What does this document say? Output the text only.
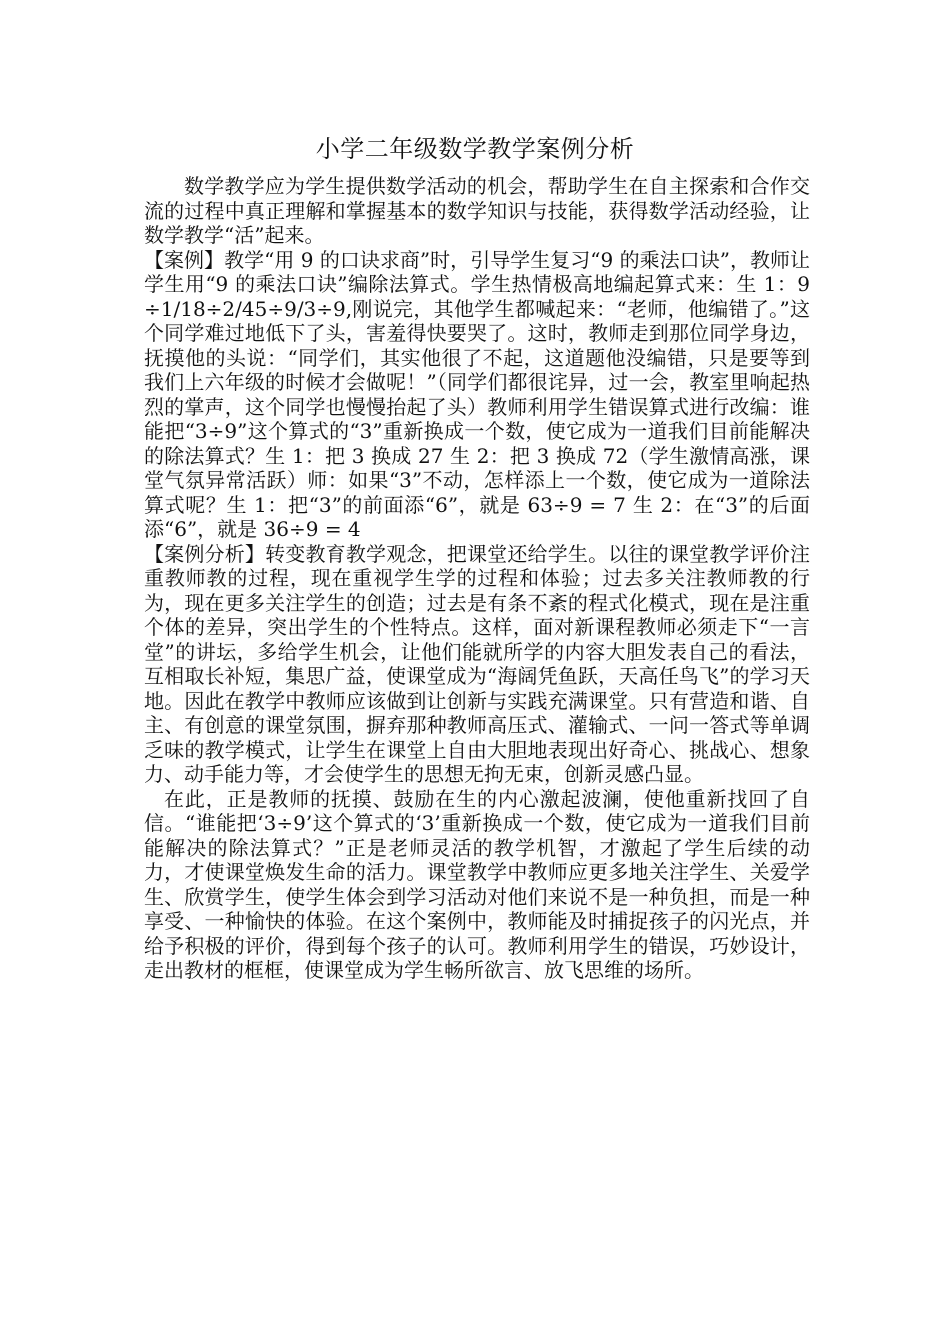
小学二年级数学教学案例分析

数学教学应为学生提供数学活动的机会，帮助学生在自主探索和合作交流的过程中真正理解和掌握基本的数学知识与技能，获得数学活动经验，让数学教学“活”起来。

【案例】教学“用 9 的口诀求商”时，引导学生复习“9 的乘法口诀”，教师让学生用“9 的乘法口诀”编除法算式。学生热情极高地编起算式来：生 1：9÷1/18÷2/45÷9/3÷9,刚说完，其他学生都喊起来：“老师，他编错了。”这个同学难过地低下了头，害羞得快要哭了。这时，教师走到那位同学身边，抚摸他的头说：“同学们，其实他很了不起，这道题他没编错，只是要等到我们上六年级的时候才会做呢！”（同学们都很诧异，过一会，教室里响起热烈的掌声，这个同学也慢慢抬起了头）教师利用学生错误算式进行改编：谁能把“3÷9”这个算式的“3”重新换成一个数，使它成为一道我们目前能解决的除法算式？生 1：把 3 换成 27 生 2：把 3 换成 72（学生激情高涨，课堂气氛异常活跃）师：如果“3”不动，怎样添上一个数，使它成为一道除法算式呢？生 1：把“3”的前面添“6”，就是 63÷9 = 7 生 2：在“3”的后面添“6”，就是 36÷9 = 4

【案例分析】转变教育教学观念，把课堂还给学生。以往的课堂教学评价注重教师教的过程，现在重视学生学的过程和体验；过去多关注教师教的行为，现在更多关注学生的创造；过去是有条不紊的程式化模式，现在是注重个体的差异，突出学生的个性特点。这样，面对新课程教师必须走下“一言堂”的讲坛，多给学生机会，让他们能就所学的内容大胆发表自己的看法，互相取长补短，集思广益，使课堂成为“海阔凭鱼跃，天高任鸟飞”的学习天地。因此在教学中教师应该做到让创新与实践充满课堂。只有营造和谐、自主、有创意的课堂氛围，摒弃那种教师高压式、灌输式、一问一答式等单调乏味的教学模式，让学生在课堂上自由大胆地表现出好奇心、挑战心、想象力、动手能力等，才会使学生的思想无拘无束，创新灵感凸显。

在此，正是教师的抚摸、鼓励在生的内心激起波澜，使他重新找回了自信。“谁能把‘3÷9’这个算式的‘3’重新换成一个数，使它成为一道我们目前能解决的除法算式？”正是老师灵活的教学机智，才激起了学生后续的动力，才使课堂焕发生命的活力。课堂教学中教师应更多地关注学生、关爱学生、欣赏学生，使学生体会到学习活动对他们来说不是一种负担，而是一种享受、一种愉快的体验。在这个案例中，教师能及时捕捉孩子的闪光点，并给予积极的评价，得到每个孩子的认可。教师利用学生的错误，巧妙设计，走出教材的框框，使课堂成为学生畅所欲言、放飞思维的场所。
